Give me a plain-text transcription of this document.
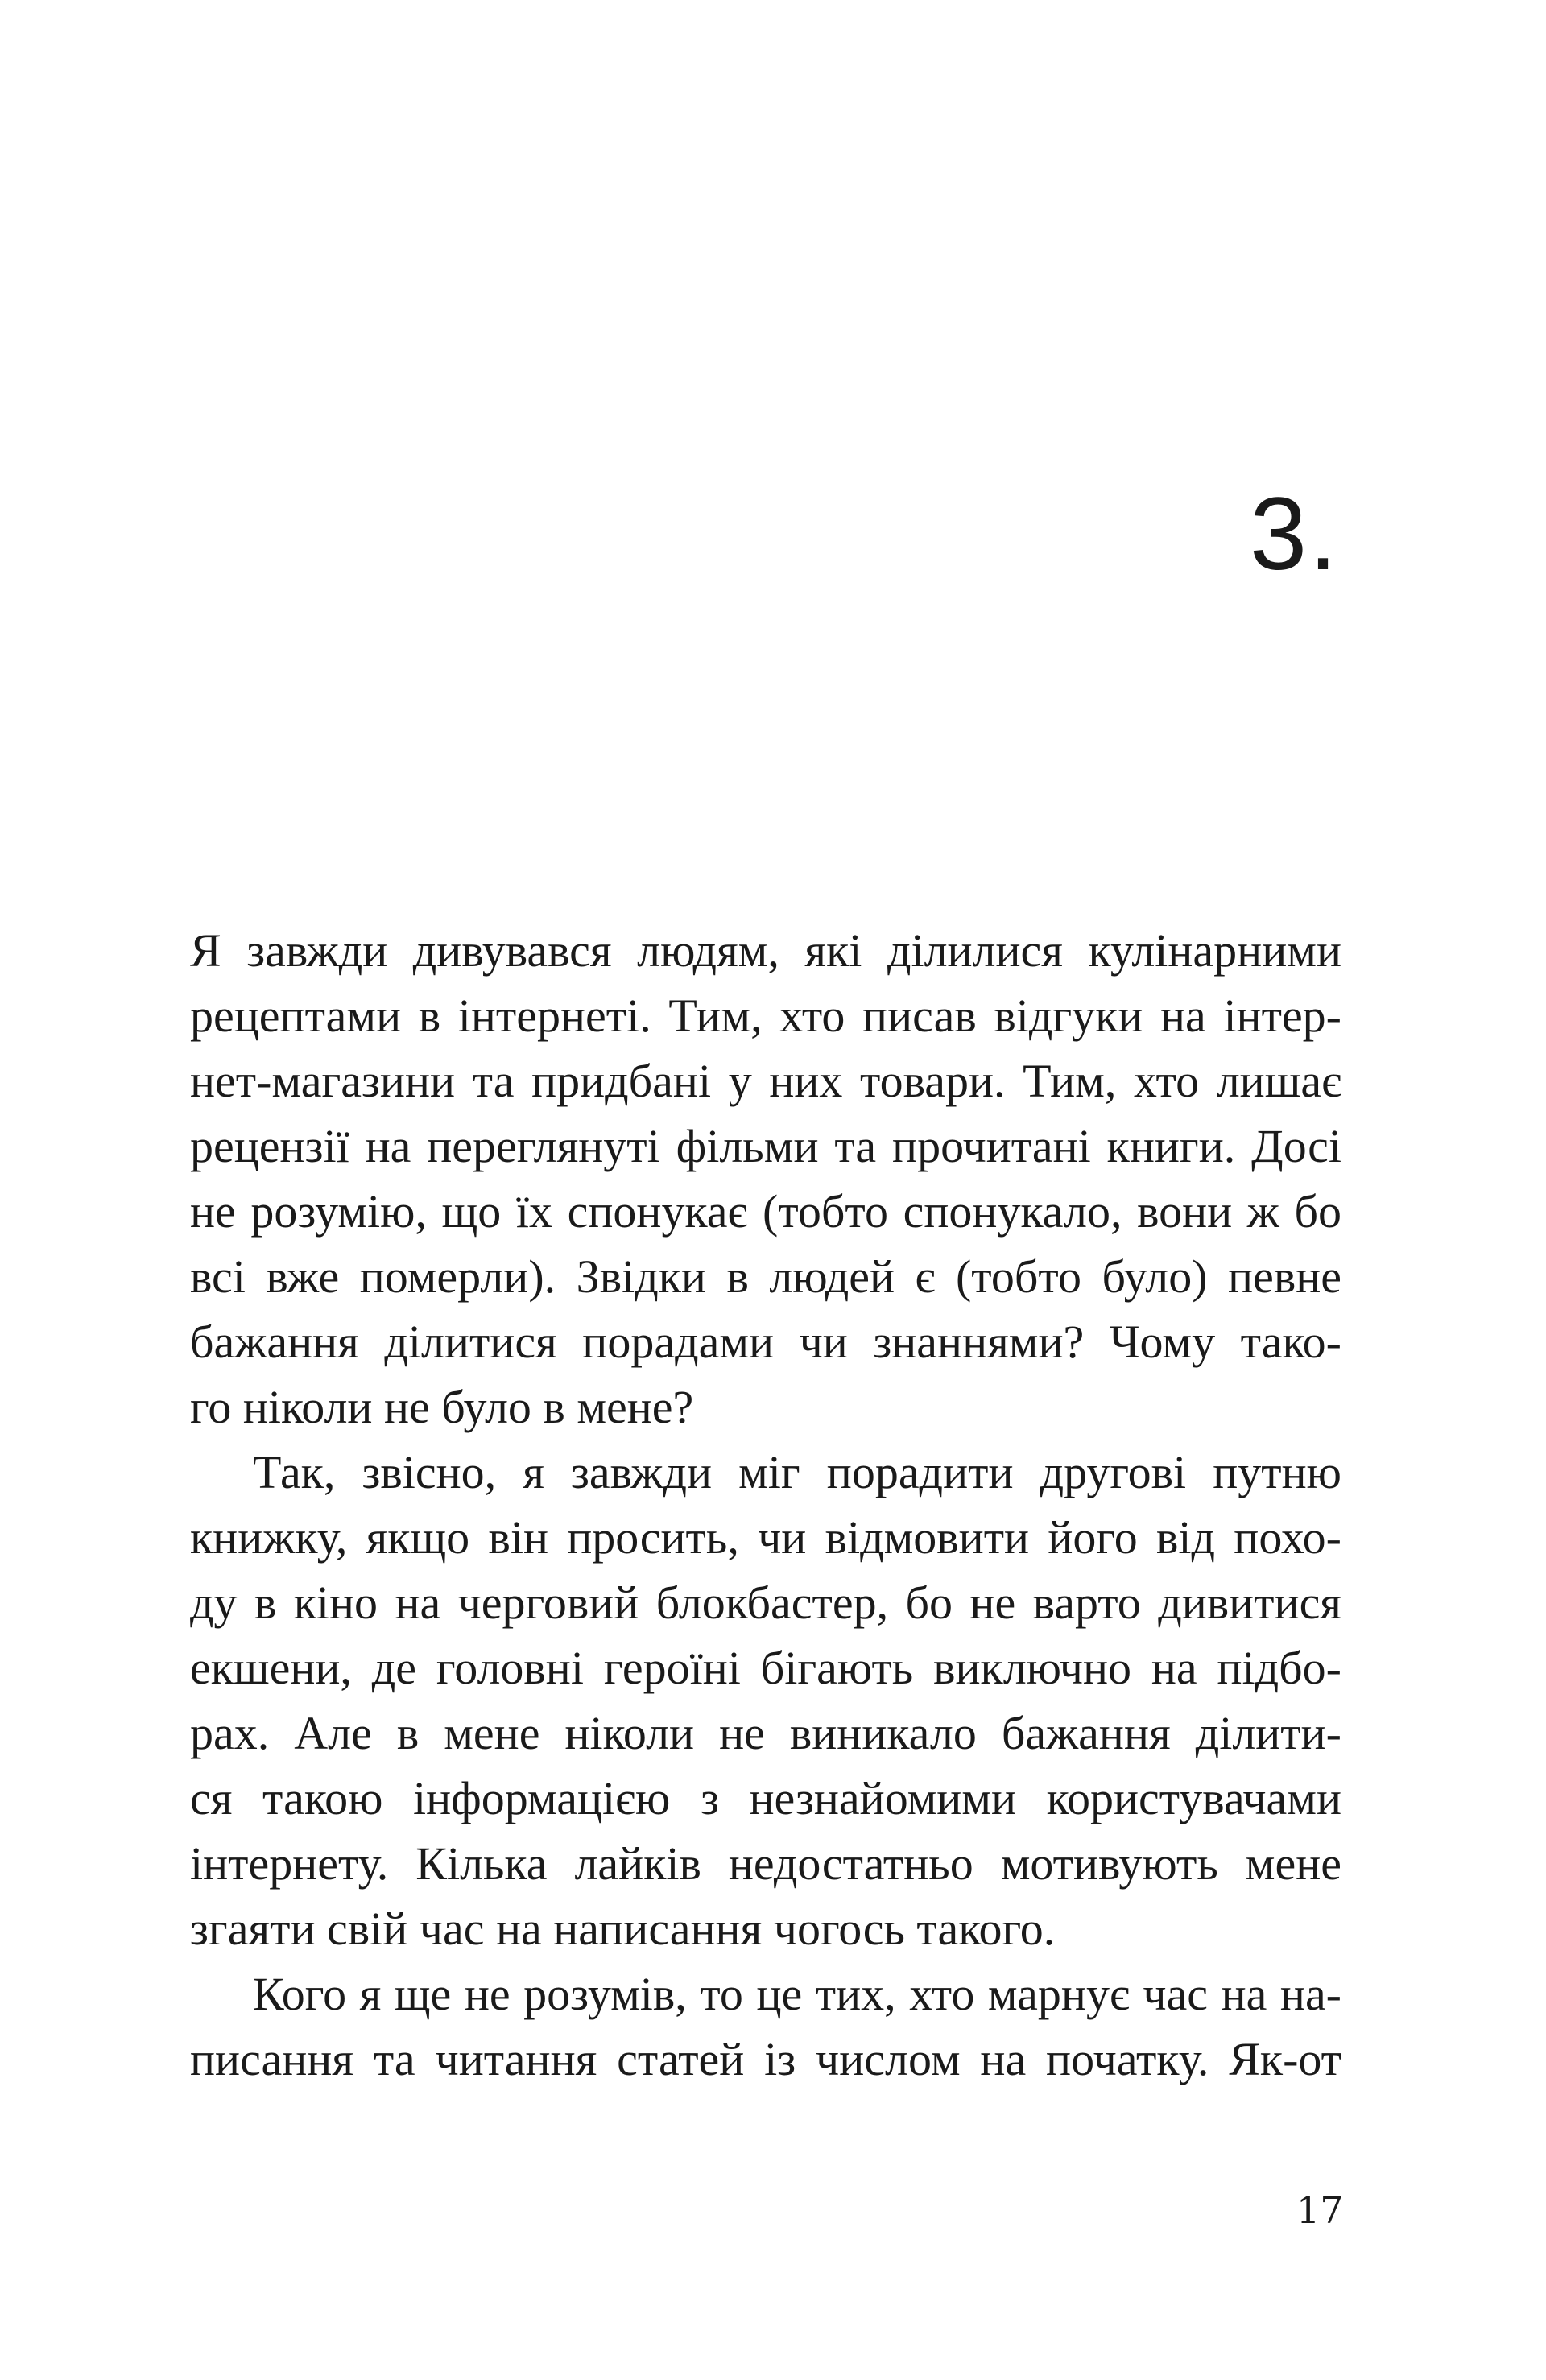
3.
Я завжди дивувався людям, які ділилися кулінарними
рецептами в інтернеті. Тим, хто писав відгуки на інтер-
нет-магазини та придбані у них товари. Тим, хто лишає
рецензії на переглянуті фільми та прочитані книги. Досі
не розумію, що їх спонукає (тобто спонукало, вони ж бо
всі вже померли). Звідки в людей є (тобто було) певне
бажання ділитися порадами чи знаннями? Чому тако-
го ніколи не було в мене?
Так, звісно, я завжди міг порадити другові путню
книжку, якщо він просить, чи відмовити його від похо-
ду в кіно на черговий блокбастер, бо не варто дивитися
екшени, де головні героїні бігають виключно на підбо-
рах. Але в мене ніколи не виникало бажання ділити-
ся такою інформацією з незнайомими користувачами
інтернету. Кілька лайків недостатньо мотивують мене
згаяти свій час на написання чогось такого.
Кого я ще не розумів, то це тих, хто марнує час на на-
писання та читання статей із числом на початку. Як-от
17
